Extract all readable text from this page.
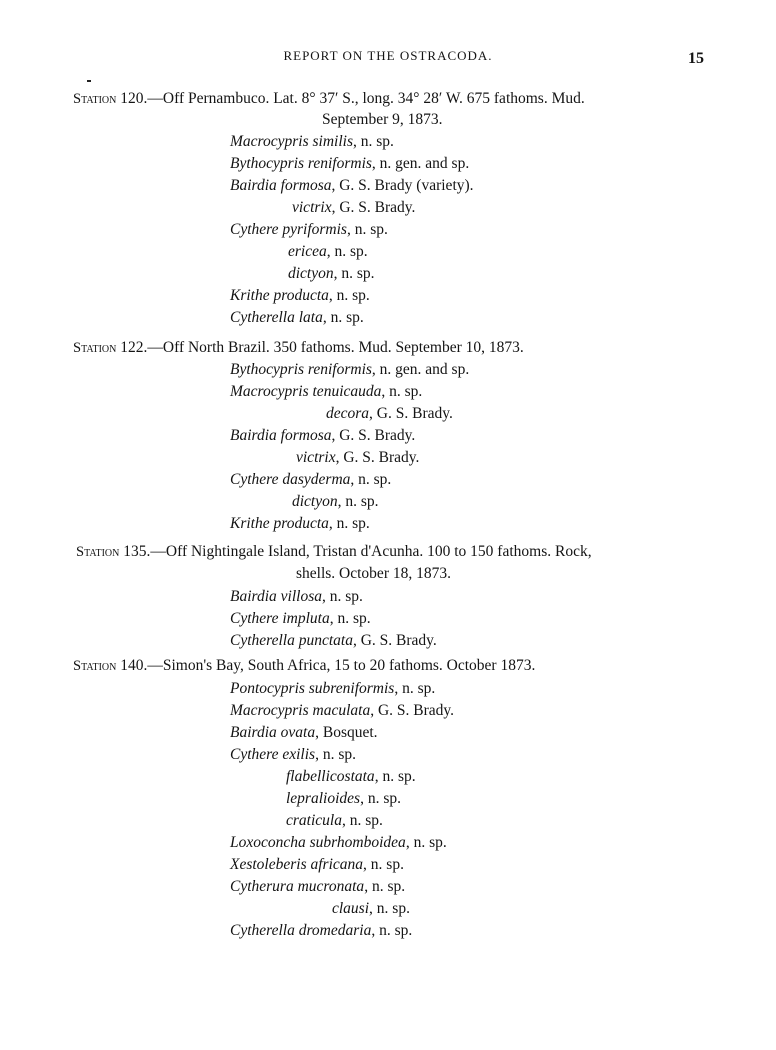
REPORT ON THE OSTRACODA.	15
Station 120.—Off Pernambuco. Lat. 8° 37′ S., long. 34° 28′ W. 675 fathoms. Mud.
September 9, 1873.
Macrocypris similis, n. sp.
Bythocypris reniformis, n. gen. and sp.
Bairdia formosa, G. S. Brady (variety).
victrix, G. S. Brady.
Cythere pyriformis, n. sp.
ericea, n. sp.
dictyon, n. sp.
Krithe producta, n. sp.
Cytherella lata, n. sp.
Station 122.—Off North Brazil. 350 fathoms. Mud. September 10, 1873.
Bythocypris reniformis, n. gen. and sp.
Macrocypris tenuicauda, n. sp.
decora, G. S. Brady.
Bairdia formosa, G. S. Brady.
victrix, G. S. Brady.
Cythere dasyderma, n. sp.
dictyon, n. sp.
Krithe producta, n. sp.
Station 135.—Off Nightingale Island, Tristan d'Acunha. 100 to 150 fathoms. Rock,
shells. October 18, 1873.
Bairdia villosa, n. sp.
Cythere impluta, n. sp.
Cytherella punctata, G. S. Brady.
Station 140.—Simon's Bay, South Africa, 15 to 20 fathoms. October 1873.
Pontocypris subreniformis, n. sp.
Macrocypris maculata, G. S. Brady.
Bairdia ovata, Bosquet.
Cythere exilis, n. sp.
flabellicostata, n. sp.
lepralioides, n. sp.
craticula, n. sp.
Loxoconcha subrhomboidea, n. sp.
Xestoleberis africana, n. sp.
Cytherura mucronata, n. sp.
clausi, n. sp.
Cytherella dromedaria, n. sp.
